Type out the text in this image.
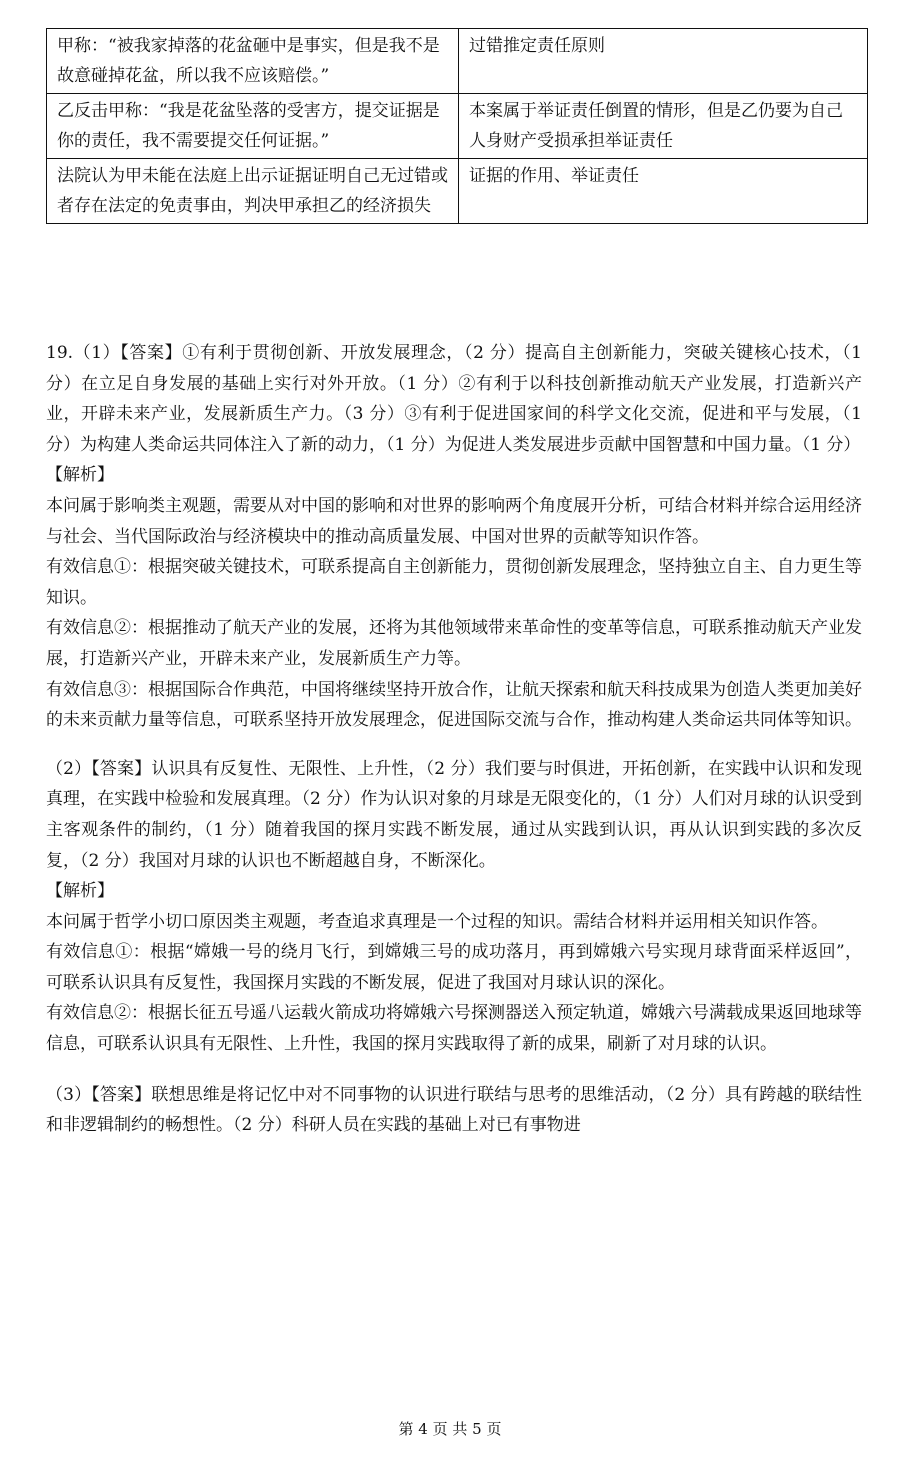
甲称：“被我家掉落的花盆砸中是事实，但是我不是故意碰掉花盆，所以我不应该赔偿。”	过错推定责任原则
乙反击甲称：“我是花盆坠落的受害方，提交证据是你的责任，我不需要提交任何证据。”	本案属于举证责任倒置的情形，但是乙仍要为自己人身财产受损承担举证责任
法院认为甲未能在法庭上出示证据证明自己无过错或者存在法定的免责事由，判决甲承担乙的经济损失	证据的作用、举证责任

19.（1）【答案】①有利于贯彻创新、开放发展理念，（2 分）提高自主创新能力，突破关键核心技术，（1 分）在立足自身发展的基础上实行对外开放。（1 分）②有利于以科技创新推动航天产业发展，打造新兴产业，开辟未来产业，发展新质生产力。（3 分）③有利于促进国家间的科学文化交流，促进和平与发展，（1 分）为构建人类命运共同体注入了新的动力，（1 分）为促进人类发展进步贡献中国智慧和中国力量。（1 分）

【解析】

本问属于影响类主观题，需要从对中国的影响和对世界的影响两个角度展开分析，可结合材料并综合运用经济与社会、当代国际政治与经济模块中的推动高质量发展、中国对世界的贡献等知识作答。

有效信息①：根据突破关键技术，可联系提高自主创新能力，贯彻创新发展理念，坚持独立自主、自力更生等知识。

有效信息②：根据推动了航天产业的发展，还将为其他领域带来革命性的变革等信息，可联系推动航天产业发展，打造新兴产业，开辟未来产业，发展新质生产力等。

有效信息③：根据国际合作典范，中国将继续坚持开放合作，让航天探索和航天科技成果为创造人类更加美好的未来贡献力量等信息，可联系坚持开放发展理念，促进国际交流与合作，推动构建人类命运共同体等知识。

（2）【答案】认识具有反复性、无限性、上升性，（2 分）我们要与时俱进，开拓创新，在实践中认识和发现真理，在实践中检验和发展真理。（2 分）作为认识对象的月球是无限变化的，（1 分）人们对月球的认识受到主客观条件的制约，（1 分）随着我国的探月实践不断发展，通过从实践到认识，再从认识到实践的多次反复，（2 分）我国对月球的认识也不断超越自身，不断深化。

【解析】

本问属于哲学小切口原因类主观题，考查追求真理是一个过程的知识。需结合材料并运用相关知识作答。

有效信息①：根据“嫦娥一号的绕月飞行，到嫦娥三号的成功落月，再到嫦娥六号实现月球背面采样返回”，可联系认识具有反复性，我国探月实践的不断发展，促进了我国对月球认识的深化。

有效信息②：根据长征五号遥八运载火箭成功将嫦娥六号探测器送入预定轨道，嫦娥六号满载成果返回地球等信息，可联系认识具有无限性、上升性，我国的探月实践取得了新的成果，刷新了对月球的认识。

（3）【答案】联想思维是将记忆中对不同事物的认识进行联结与思考的思维活动，（2 分）具有跨越的联结性和非逻辑制约的畅想性。（2 分）科研人员在实践的基础上对已有事物进

第 4 页 共 5 页
